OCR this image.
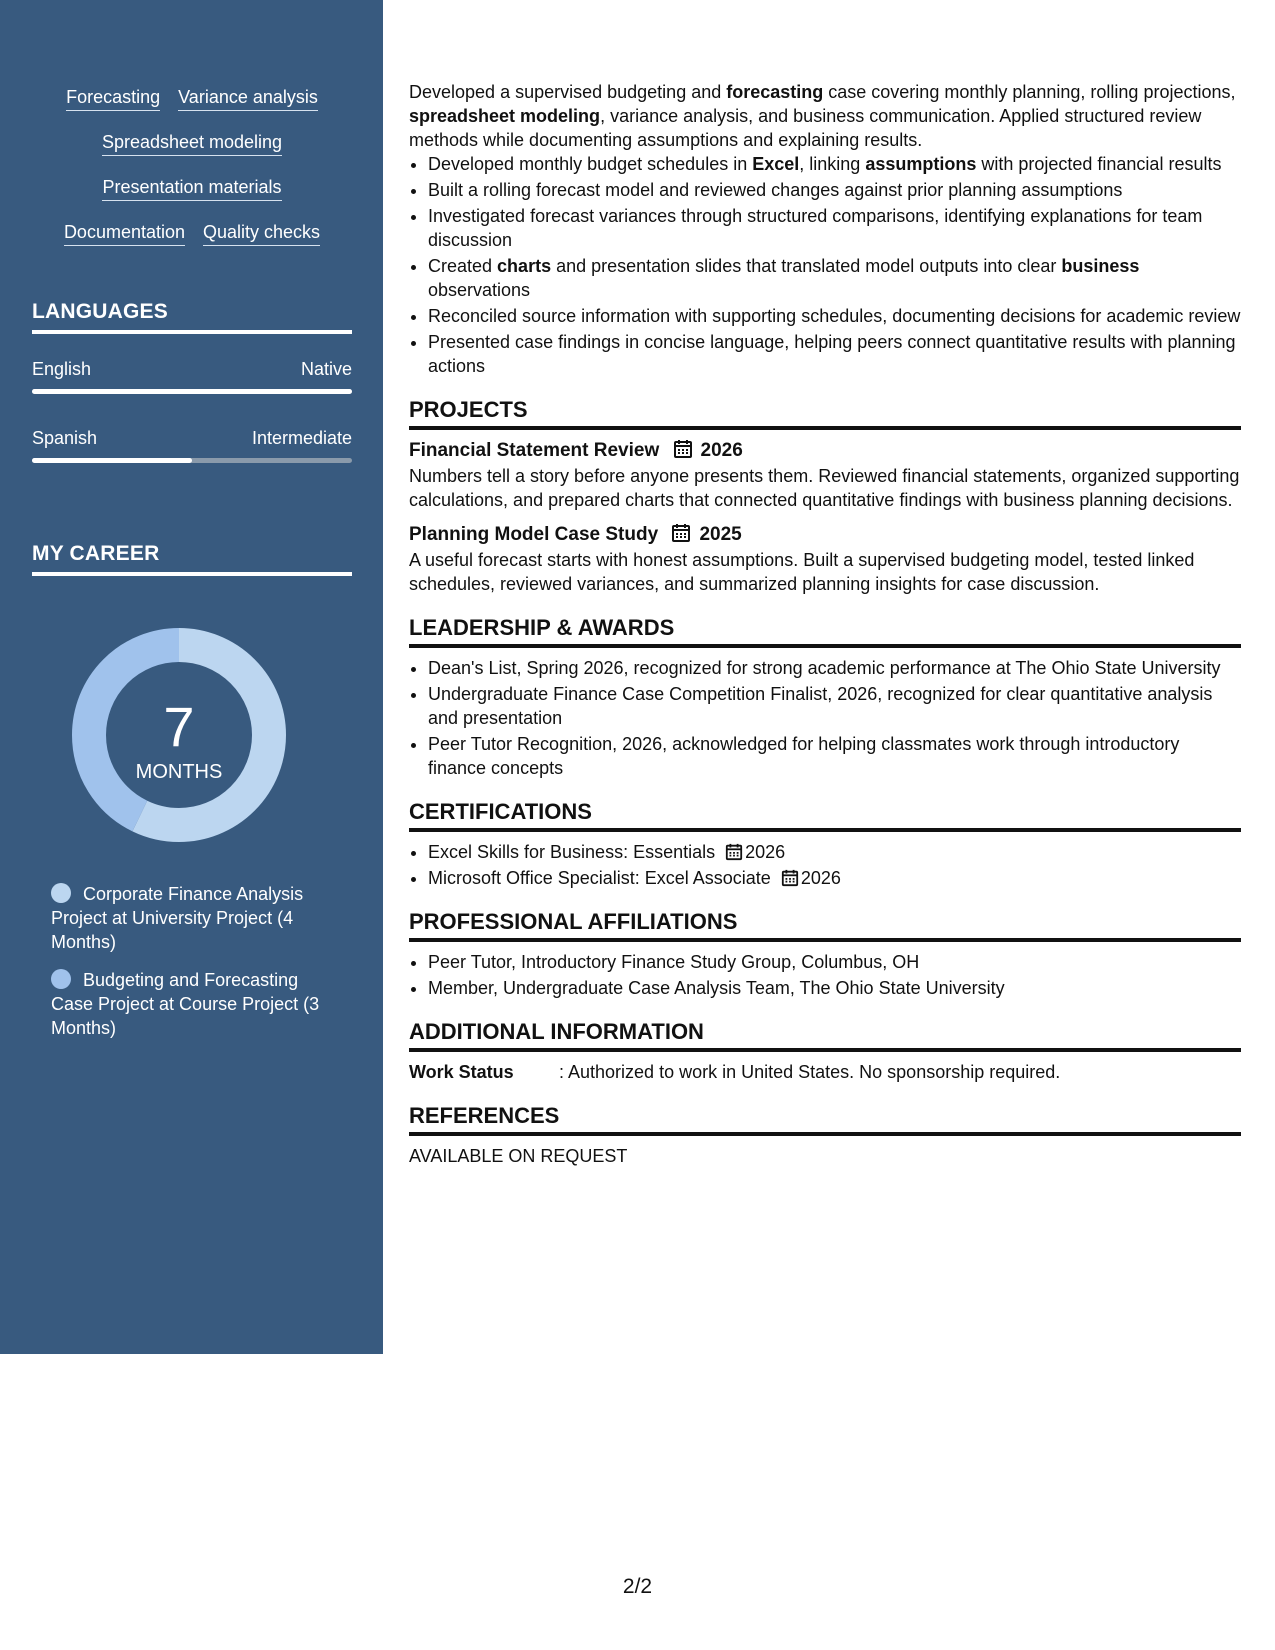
Forecasting Variance analysis
Spreadsheet modeling
Presentation materials
Documentation Quality checks
LANGUAGES
English	Native
Spanish	Intermediate
MY CAREER
7
MONTHS
Corporate Finance Analysis Project at University Project (4 Months)
Budgeting and Forecasting Case Project at Course Project (3 Months)

Developed a supervised budgeting and forecasting case covering monthly planning, rolling projections, spreadsheet modeling, variance analysis, and business communication. Applied structured review methods while documenting assumptions and explaining results.

• Developed monthly budget schedules in Excel, linking assumptions with projected financial results
• Built a rolling forecast model and reviewed changes against prior planning assumptions
• Investigated forecast variances through structured comparisons, identifying explanations for team discussion
• Created charts and presentation slides that translated model outputs into clear business observations
• Reconciled source information with supporting schedules, documenting decisions for academic review
• Presented case findings in concise language, helping peers connect quantitative results with planning actions
PROJECTS
Financial Statement Review 2026

Numbers tell a story before anyone presents them. Reviewed financial statements, organized supporting calculations, and prepared charts that connected quantitative findings with business planning decisions.

Planning Model Case Study 2025

A useful forecast starts with honest assumptions. Built a supervised budgeting model, tested linked schedules, reviewed variances, and summarized planning insights for case discussion.

LEADERSHIP & AWARDS
• Dean's List, Spring 2026, recognized for strong academic performance at The Ohio State University
• Undergraduate Finance Case Competition Finalist, 2026, recognized for clear quantitative analysis and presentation
• Peer Tutor Recognition, 2026, acknowledged for helping classmates work through introductory finance concepts
CERTIFICATIONS
• Excel Skills for Business: Essentials 2026
• Microsoft Office Specialist: Excel Associate 2026
PROFESSIONAL AFFILIATIONS
• Peer Tutor, Introductory Finance Study Group, Columbus, OH
• Member, Undergraduate Case Analysis Team, The Ohio State University
ADDITIONAL INFORMATION
Work Status	: Authorized to work in United States. No sponsorship required.
REFERENCES

AVAILABLE ON REQUEST

2/2
